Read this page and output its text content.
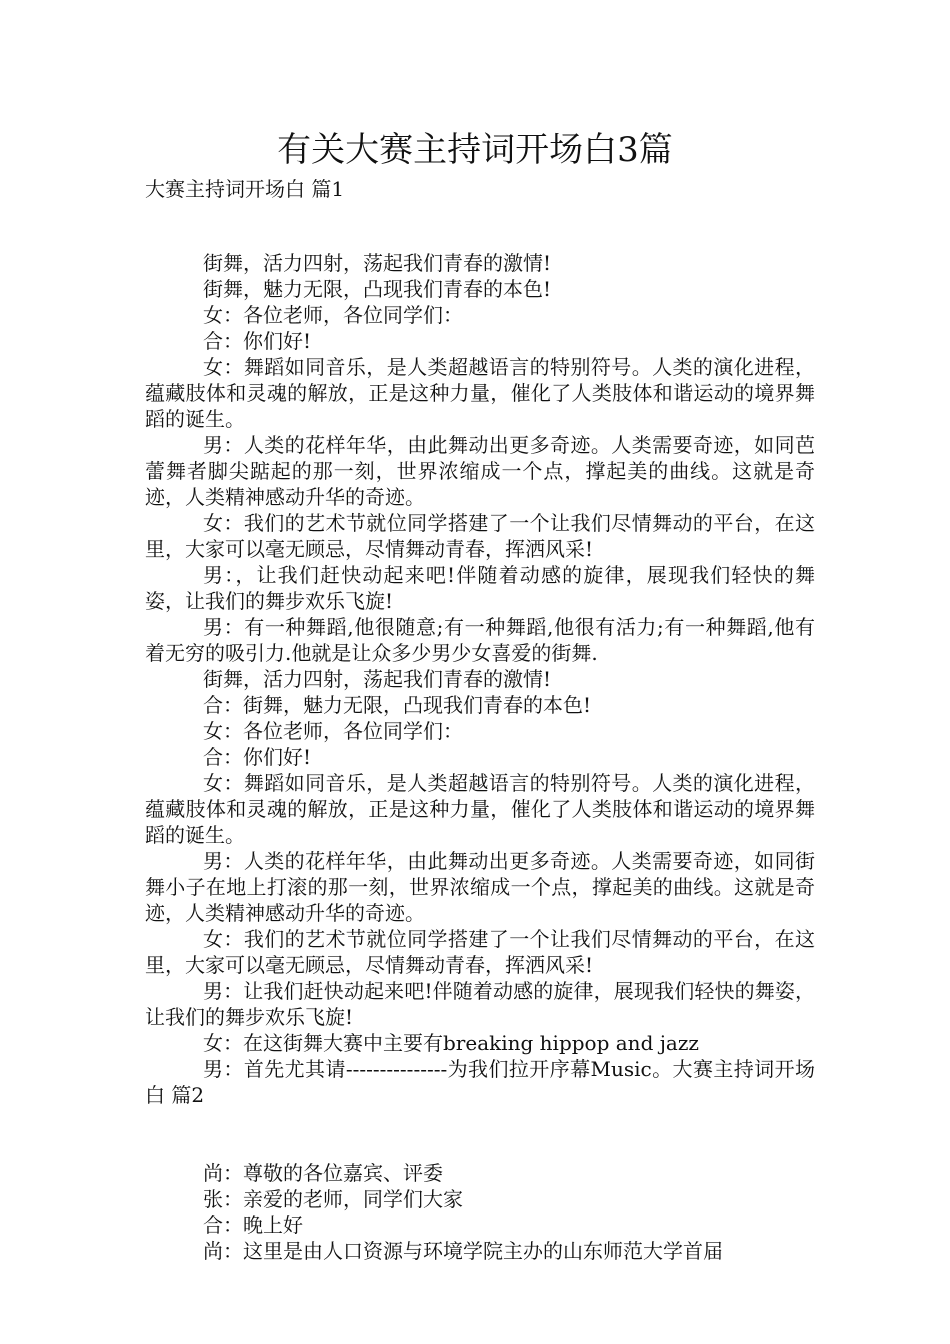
有关大赛主持词开场白3篇
大赛主持词开场白 篇1
街舞，活力四射，荡起我们青春的激情!
街舞，魅力无限，凸现我们青春的本色!
女：各位老师，各位同学们：
合：你们好!
女：舞蹈如同音乐，是人类超越语言的特别符号。人类的演化进程，蕴藏肢体和灵魂的解放，正是这种力量，催化了人类肢体和谐运动的境界舞蹈的诞生。
男：人类的花样年华，由此舞动出更多奇迹。人类需要奇迹，如同芭蕾舞者脚尖踮起的那一刻，世界浓缩成一个点，撑起美的曲线。这就是奇迹，人类精神感动升华的奇迹。
女：我们的艺术节就位同学搭建了一个让我们尽情舞动的平台，在这里，大家可以毫无顾忌，尽情舞动青春，挥洒风采!
男：，让我们赶快动起来吧!伴随着动感的旋律，展现我们轻快的舞姿，让我们的舞步欢乐飞旋!
男：有一种舞蹈,他很随意;有一种舞蹈,他很有活力;有一种舞蹈,他有着无穷的吸引力.他就是让众多少男少女喜爱的街舞.
街舞，活力四射，荡起我们青春的激情!
合：街舞，魅力无限，凸现我们青春的本色!
女：各位老师，各位同学们：
合：你们好!
女：舞蹈如同音乐，是人类超越语言的特别符号。人类的演化进程，蕴藏肢体和灵魂的解放，正是这种力量，催化了人类肢体和谐运动的境界舞蹈的诞生。
男：人类的花样年华，由此舞动出更多奇迹。人类需要奇迹，如同街舞小子在地上打滚的那一刻，世界浓缩成一个点，撑起美的曲线。这就是奇迹，人类精神感动升华的奇迹。
女：我们的艺术节就位同学搭建了一个让我们尽情舞动的平台，在这里，大家可以毫无顾忌，尽情舞动青春，挥洒风采!
男：让我们赶快动起来吧!伴随着动感的旋律，展现我们轻快的舞姿，让我们的舞步欢乐飞旋!
女：在这街舞大赛中主要有breaking hippop and jazz
男：首先尤其请---------------为我们拉开序幕Music。大赛主持词开场白 篇2
尚：尊敬的各位嘉宾、评委
张：亲爱的老师，同学们大家
合：晚上好
尚：这里是由人口资源与环境学院主办的山东师范大学首届
